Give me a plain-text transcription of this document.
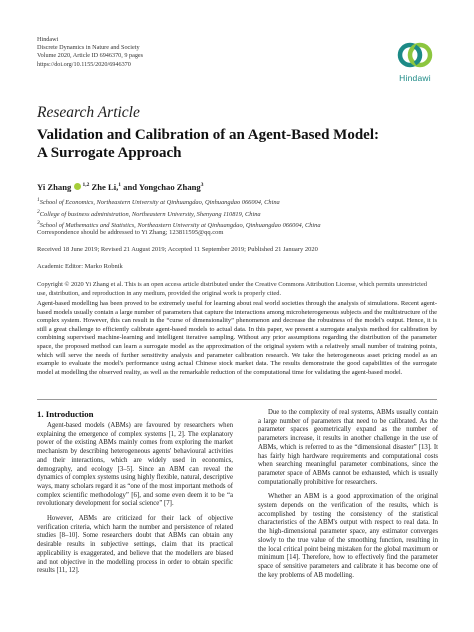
Hindawi
Discrete Dynamics in Nature and Society
Volume 2020, Article ID 6946370, 9 pages
https://doi.org/10.1155/2020/6946370
Hindawi
Research Article
Validation and Calibration of an Agent-Based Model:
A Surrogate Approach
Yi Zhang $^{1,2}$ Zhe Li,$^1$ and Yongchao Zhang$^3$
$^1$School of Economics, Northeastern University at Qinhuangdao, Qinhuangdao 066004, China
$^2$College of business administration, Northeastern University, Shenyang 110819, China
$^3$School of Mathematics and Statistics, Northeastern University at Qinhuangdao, Qinhuangdao 066004, China
Correspondence should be addressed to Yi Zhang; 123811595@qq.com
Received 18 June 2019; Revised 21 August 2019; Accepted 11 September 2019; Published 21 January 2020
Academic Editor: Marko Robnik
Copyright © 2020 Yi Zhang et al. This is an open access article distributed under the Creative Commons Attribution License, which permits unrestricted use, distribution, and reproduction in any medium, provided the original work is properly cited.
Agent-based modelling has been proved to be extremely useful for learning about real world societies through the analysis of simulations. Recent agent-based models usually contain a large number of parameters that capture the interactions among microheterogeneous subjects and the multistructure of the complex system. However, this can result in the “curse of dimensionality” phenomenon and decrease the robustness of the model's output. Hence, it is still a great challenge to efficiently calibrate agent-based models to actual data. In this paper, we present a surrogate analysis method for calibration by combining supervised machine-learning and intelligent iterative sampling. Without any prior assumptions regarding the distribution of the parameter space, the proposed method can learn a surrogate model as the approximation of the original system with a relatively small number of training points, which will serve the needs of further sensitivity analysis and parameter calibration research. We take the heterogeneous asset pricing model as an example to evaluate the model's performance using actual Chinese stock market data. The results demonstrate the good capabilities of the surrogate model at modelling the observed reality, as well as the remarkable reduction of the computational time for validating the agent-based model.
1. Introduction

Agent-based models (ABMs) are favoured by researchers when explaining the emergence of complex systems [1, 2]. The explanatory power of the existing ABMs mainly comes from exploring the market mechanism by describing heterogeneous agents' behavioural activities and their interactions, which are widely used in economics, demography, and ecology [3–5]. Since an ABM can reveal the dynamics of complex systems using highly flexible, natural, descriptive ways, many scholars regard it as “one of the most important methods of complex scientific methodology” [6], and some even deem it to be “a revolutionary development for social science” [7].

However, ABMs are criticized for their lack of objective verification criteria, which harm the number and persistence of related studies [8–10]. Some researchers doubt that ABMs can obtain any desirable results in subjective settings, claim that its practical applicability is exaggerated, and believe that the modellers are biased and not objective in the modelling process in order to obtain specific results [11, 12].

Due to the complexity of real systems, ABMs usually contain a large number of parameters that need to be calibrated. As the parameter spaces geometrically expand as the number of parameters increase, it results in another challenge in the use of ABMs, which is referred to as the “dimensional disaster” [13]. It has fairly high hardware requirements and computational costs when searching meaningful parameter combinations, since the parameter space of ABMs cannot be exhausted, which is usually computationally prohibitive for researchers.

Whether an ABM is a good approximation of the original system depends on the verification of the results, which is accomplished by testing the consistency of the statistical characteristics of the ABM's output with respect to real data. In the high-dimensional parameter space, any estimator converges slowly to the true value of the smoothing function, resulting in the local critical point being mistaken for the global maximum or minimum [14]. Therefore, how to effectively find the parameter space of sensitive parameters and calibrate it has become one of the key problems of AB modelling.
